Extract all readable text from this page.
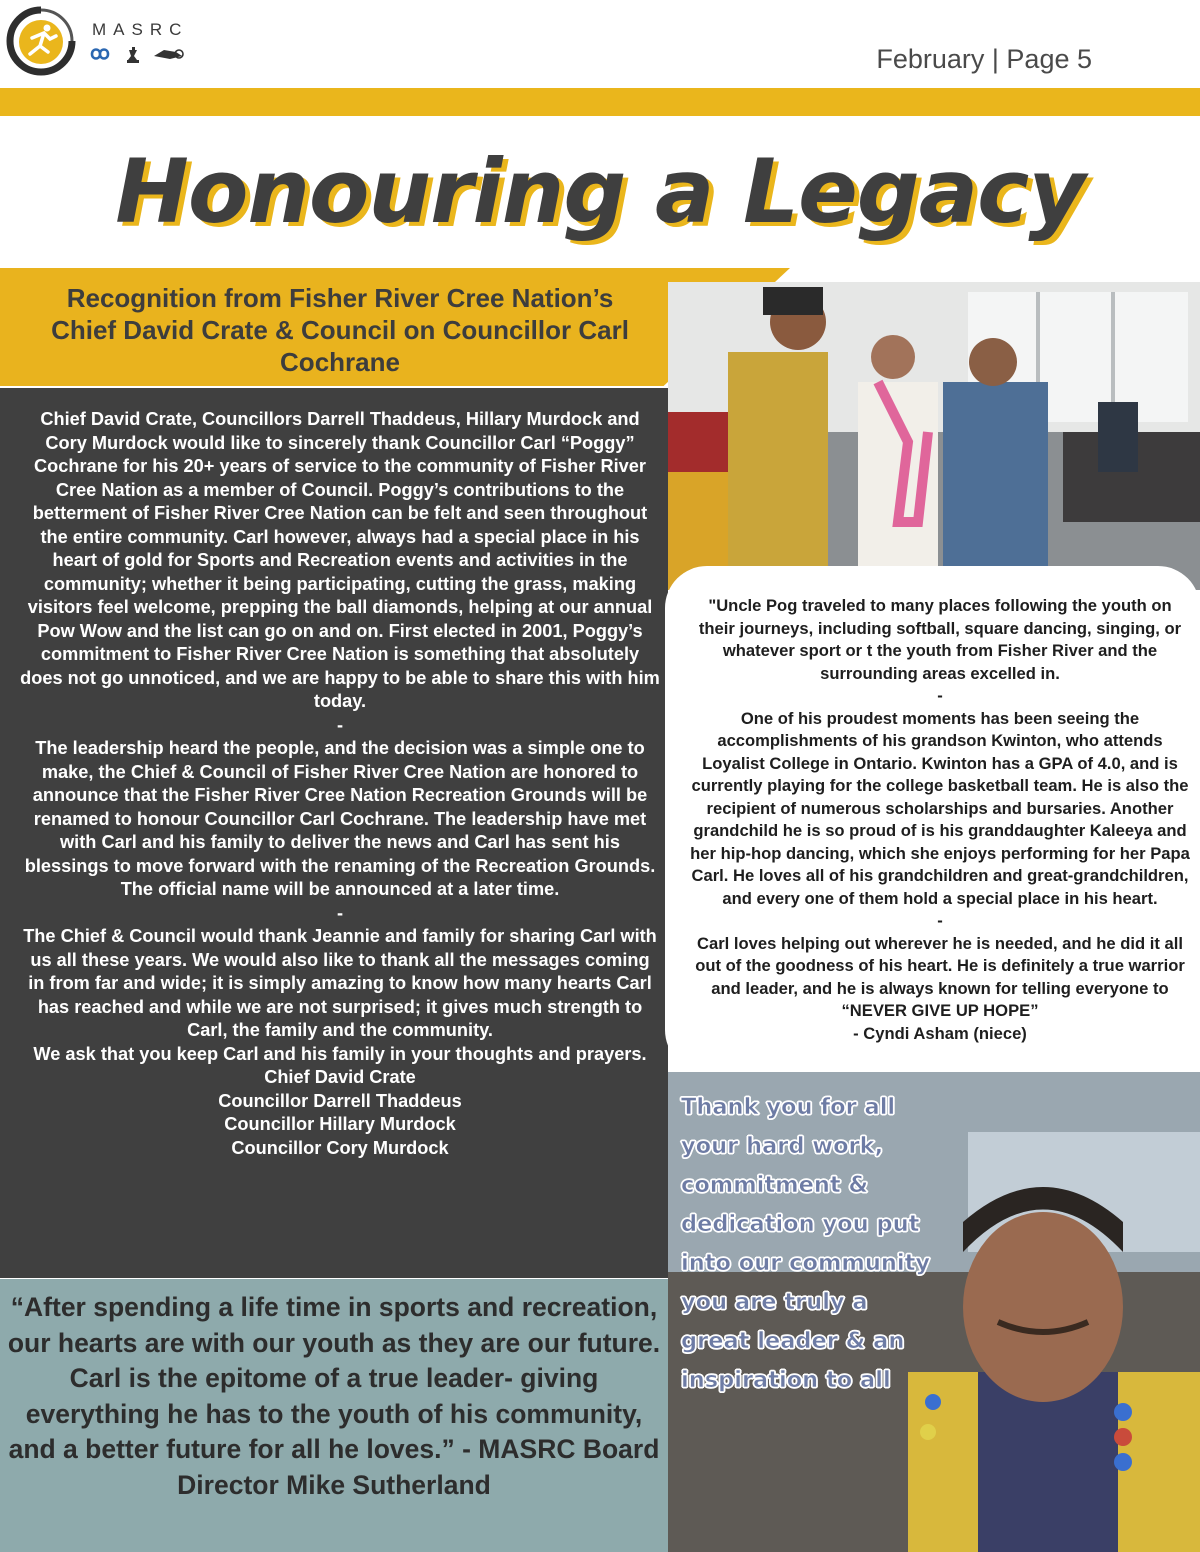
MASRC
February | Page 5
Honouring a Legacy
Recognition from Fisher River Cree Nation’s
Chief David Crate & Council on Councillor Carl
Cochrane

Chief David Crate, Councillors Darrell Thaddeus, Hillary Murdock and Cory Murdock would like to sincerely thank Councillor Carl “Poggy” Cochrane for his 20+ years of service to the community of Fisher River Cree Nation as a member of Council. Poggy’s contributions to the betterment of Fisher River Cree Nation can be felt and seen throughout the entire community. Carl however, always had a special place in his heart of gold for Sports and Recreation events and activities in the community; whether it being participating, cutting the grass, making visitors feel welcome, prepping the ball diamonds, helping at our annual Pow Wow and the list can go on and on. First elected in 2001, Poggy’s commitment to Fisher River Cree Nation is something that absolutely does not go unnoticed, and we are happy to be able to share this with him today.

-

The leadership heard the people, and the decision was a simple one to make, the Chief & Council of Fisher River Cree Nation are honored to announce that the Fisher River Cree Nation Recreation Grounds will be renamed to honour Councillor Carl Cochrane. The leadership have met with Carl and his family to deliver the news and Carl has sent his blessings to move forward with the renaming of the Recreation Grounds. The official name will be announced at a later time.

-

The Chief & Council would thank Jeannie and family for sharing Carl with us all these years. We would also like to thank all the messages coming in from far and wide; it is simply amazing to know how many hearts Carl has reached and while we are not surprised; it gives much strength to Carl, the family and the community.

We ask that you keep Carl and his family in your thoughts and prayers.

Chief David Crate

Councillor Darrell Thaddeus

Councillor Hillary Murdock

Councillor Cory Murdock

“After spending a life time in sports and recreation, our hearts are with our youth as they are our future. Carl is the epitome of a true leader- giving everything he has to the youth of his community, and a better future for all he loves.” - MASRC Board Director Mike Sutherland

"Uncle Pog traveled to many places following the youth on their journeys, including softball, square dancing, singing, or whatever sport or t the youth from Fisher River and the surrounding areas excelled in.

-

One of his proudest moments has been seeing the accomplishments of his grandson Kwinton, who attends Loyalist College in Ontario. Kwinton has a GPA of 4.0, and is currently playing for the college basketball team. He is also the recipient of numerous scholarships and bursaries. Another grandchild he is so proud of is his granddaughter Kaleeya and her hip-hop dancing, which she enjoys performing for her Papa Carl. He loves all of his grandchildren and great-grandchildren, and every one of them hold a special place in his heart.

-

Carl loves helping out wherever he is needed, and he did it all out of the goodness of his heart. He is definitely a true warrior and leader, and he is always known for telling everyone to “NEVER GIVE UP HOPE”

- Cyndi Asham (niece)

Thank you for all
your hard work,
commitment &
dedication you put
into our community
you are truly a
great leader & an
inspiration to all
